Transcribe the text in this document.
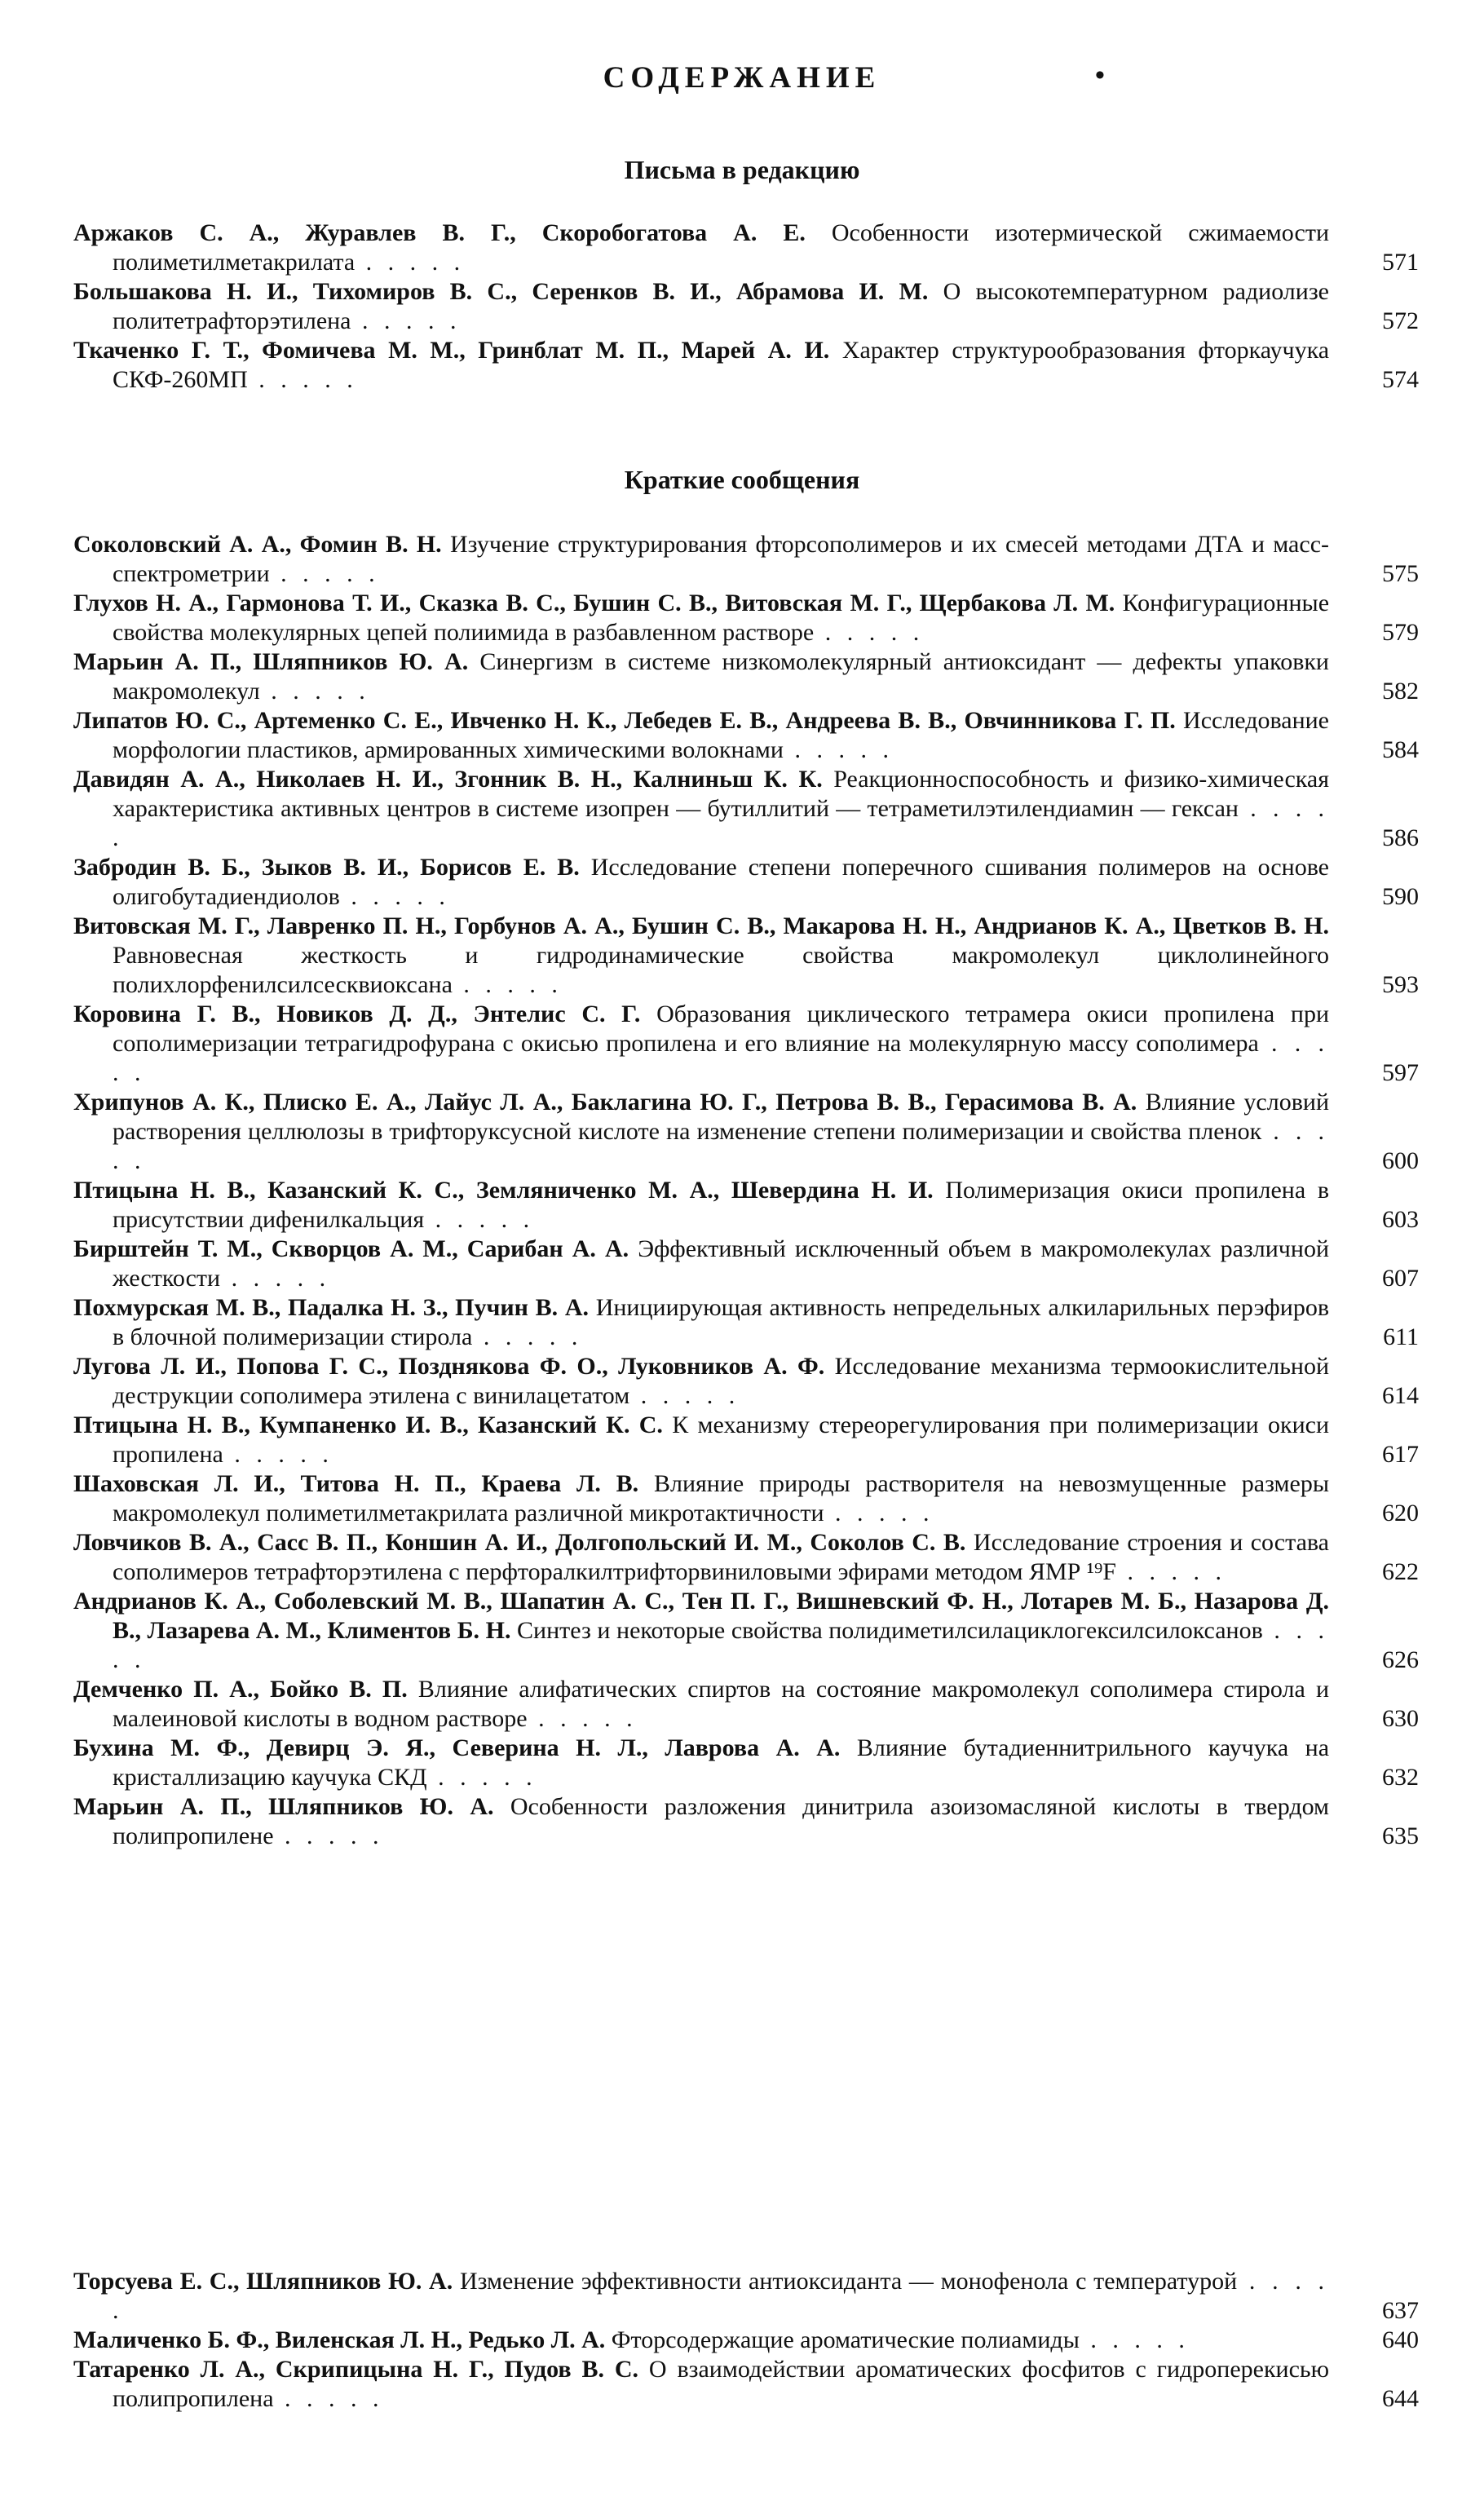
СОДЕРЖАНИЕ	•
Письма в редакцию
Аржаков С. А., Журавлев В. Г., Скоробогатова А. Е. Особенности изотермической сжимаемости полиметилметакрилата . . . . .	571
Большакова Н. И., Тихомиров В. С., Серенков В. И., Абрамова И. М. О высокотемпературном радиолизе политетрафторэтилена . . . . .	572
Ткаченко Г. Т., Фомичева М. М., Гринблат М. П., Марей А. И. Характер структурообразования фторкаучука СКФ-260МП . . . . .	574
Краткие сообщения
Соколовский А. А., Фомин В. Н. Изучение структурирования фторсополимеров и их смесей методами ДТА и масс-спектрометрии . . . . .	575
Глухов Н. А., Гармонова Т. И., Сказка В. С., Бушин С. В., Витовская М. Г., Щербакова Л. М. Конфигурационные свойства молекулярных цепей полиимида в разбавленном растворе . . . . .	579
Марьин А. П., Шляпников Ю. А. Синергизм в системе низкомолекулярный антиоксидант — дефекты упаковки макромолекул . . . . .	582
Липатов Ю. С., Артеменко С. Е., Ивченко Н. К., Лебедев Е. В., Андреева В. В., Овчинникова Г. П. Исследование морфологии пластиков, армированных химическими волокнами . . . . .	584
Давидян А. А., Николаев Н. И., Згонник В. Н., Калниньш К. К. Реакционноспособность и физико-химическая характеристика активных центров в системе изопрен — бутиллитий — тетраметилэтилендиамин — гексан . . . . .	586
Забродин В. Б., Зыков В. И., Борисов Е. В. Исследование степени поперечного сшивания полимеров на основе олигобутадиендиолов . . . . .	590
Витовская М. Г., Лавренко П. Н., Горбунов А. А., Бушин С. В., Макарова Н. Н., Андрианов К. А., Цветков В. Н. Равновесная жесткость и гидродинамические свойства макромолекул циклолинейного полихлорфенилсилсесквиоксана . . . . .	593
Коровина Г. В., Новиков Д. Д., Энтелис С. Г. Образования циклического тетрамера окиси пропилена при сополимеризации тетрагидрофурана с окисью пропилена и его влияние на молекулярную массу сополимера . . . . .	597
Хрипунов А. К., Плиско Е. А., Лайус Л. А., Баклагина Ю. Г., Петрова В. В., Герасимова В. А. Влияние условий растворения целлюлозы в трифторуксусной кислоте на изменение степени полимеризации и свойства пленок . . . . .	600
Птицына Н. В., Казанский К. С., Земляниченко М. А., Шевердина Н. И. Полимеризация окиси пропилена в присутствии дифенилкальция . . . . .	603
Бирштейн Т. М., Скворцов А. М., Сарибан А. А. Эффективный исключенный объем в макромолекулах различной жесткости . . . . .	607
Похмурская М. В., Падалка Н. З., Пучин В. А. Инициирующая активность непредельных алкиларильных перэфиров в блочной полимеризации стирола . . . . .	611
Лугова Л. И., Попова Г. С., Позднякова Ф. О., Луковников А. Ф. Исследование механизма термоокислительной деструкции сополимера этилена с винилацетатом . . . . .	614
Птицына Н. В., Кумпаненко И. В., Казанский К. С. К механизму стереорегулирования при полимеризации окиси пропилена . . . . .	617
Шаховская Л. И., Титова Н. П., Краева Л. В. Влияние природы растворителя на невозмущенные размеры макромолекул полиметилметакрилата различной микротактичности . . . . .	620
Ловчиков В. А., Сасс В. П., Коншин А. И., Долгопольский И. М., Соколов С. В. Исследование строения и состава сополимеров тетрафторэтилена с перфторалкилтрифторвиниловыми эфирами методом ЯМР ¹⁹F . . . . .	622
Андрианов К. А., Соболевский М. В., Шапатин А. С., Тен П. Г., Вишневский Ф. Н., Лотарев М. Б., Назарова Д. В., Лазарева А. М., Климентов Б. Н. Синтез и некоторые свойства полидиметилсилациклогексилсилоксанов . . . . .	626
Демченко П. А., Бойко В. П. Влияние алифатических спиртов на состояние макромолекул сополимера стирола и малеиновой кислоты в водном растворе . . . . .	630
Бухина М. Ф., Девирц Э. Я., Северина Н. Л., Лаврова А. А. Влияние бутадиеннитрильного каучука на кристаллизацию каучука СКД . . . . .	632
Марьин А. П., Шляпников Ю. А. Особенности разложения динитрила азоизомасляной кислоты в твердом полипропилене . . . . .	635
Торсуева Е. С., Шляпников Ю. А. Изменение эффективности антиоксиданта — монофенола с температурой . . . . .	637
Маличенко Б. Ф., Виленская Л. Н., Редько Л. А. Фторсодержащие ароматические полиамиды . . . . .	640
Татаренко Л. А., Скрипицына Н. Г., Пудов В. С. О взаимодействии ароматических фосфитов с гидроперекисью полипропилена . . . . .	644
